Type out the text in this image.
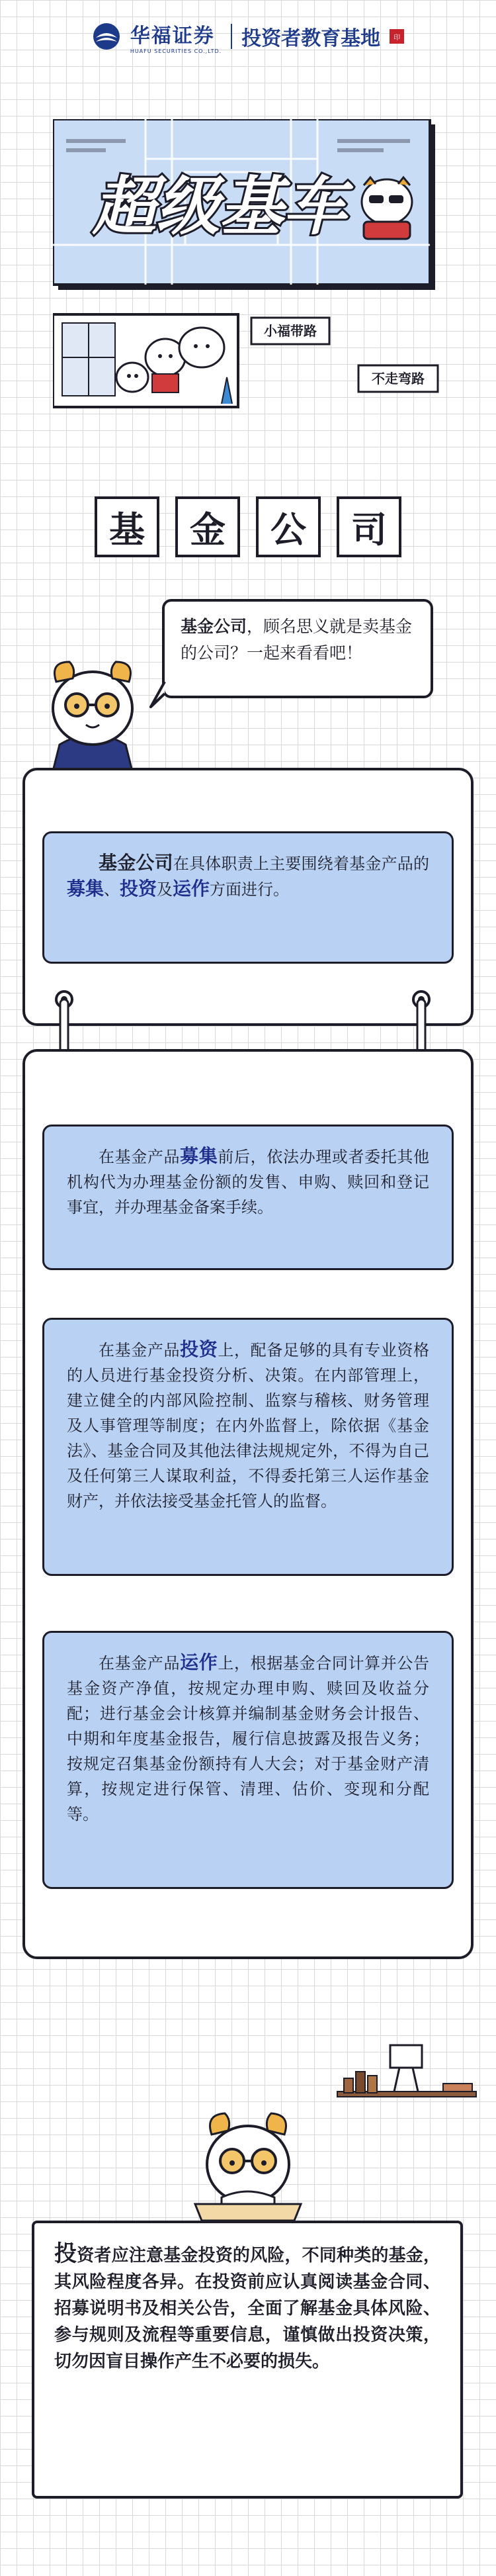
华福证券
HUAFU SECURITIES CO.,LTD.
投资者教育基地	印
超级基车
小福带路
不走弯路
基	金	公	司
基金公司，顾名思义就是卖基金的公司？一起来看看吧！

基金公司在具体职责上主要围绕着基金产品的募集、投资及运作方面进行。

在基金产品募集前后，依法办理或者委托其他机构代为办理基金份额的发售、申购、赎回和登记事宜，并办理基金备案手续。

在基金产品投资上，配备足够的具有专业资格的人员进行基金投资分析、决策。在内部管理上，建立健全的内部风险控制、监察与稽核、财务管理及人事管理等制度；在内外监督上，除依据《基金法》、基金合同及其他法律法规规定外，不得为自己及任何第三人谋取利益，不得委托第三人运作基金财产，并依法接受基金托管人的监督。

在基金产品运作上，根据基金合同计算并公告基金资产净值，按规定办理申购、赎回及收益分配；进行基金会计核算并编制基金财务会计报告、中期和年度基金报告，履行信息披露及报告义务；按规定召集基金份额持有人大会；对于基金财产清算，按规定进行保管、清理、估价、变现和分配等。

投资者应注意基金投资的风险，不同种类的基金，其风险程度各异。在投资前应认真阅读基金合同、招募说明书及相关公告，全面了解基金具体风险、参与规则及流程等重要信息，谨慎做出投资决策，切勿因盲目操作产生不必要的损失。
